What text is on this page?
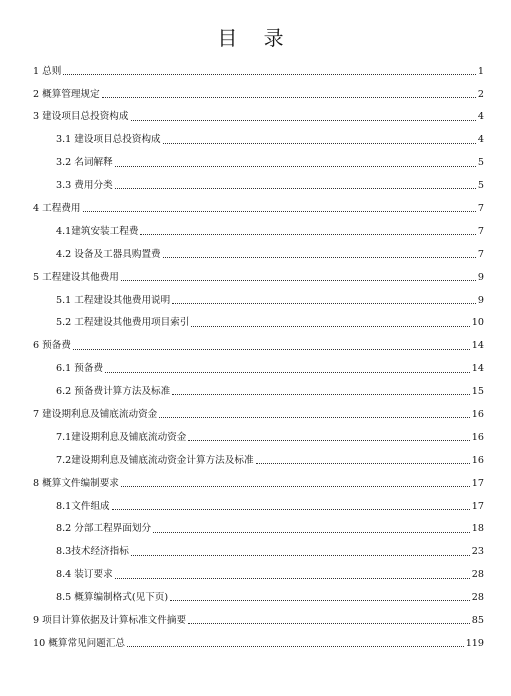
目 录
1 总则	1
2 概算管理规定	2
3 建设项目总投资构成	4
3.1 建设项目总投资构成	4
3.2 名词解释	5
3.3 费用分类	5
4 工程费用	7
4.1建筑安装工程费	7
4.2 设备及工器具购置费	7
5 工程建设其他费用	9
5.1 工程建设其他费用说明	9
5.2 工程建设其他费用项目索引	10
6 预备费	14
6.1 预备费	14
6.2 预备费计算方法及标准	15
7 建设期利息及铺底流动资金	16
7.1建设期利息及铺底流动资金	16
7.2建设期利息及铺底流动资金计算方法及标准	16
8 概算文件编制要求	17
8.1文件组成	17
8.2 分部工程界面划分	18
8.3技术经济指标	23
8.4 装订要求	28
8.5 概算编制格式(见下页)	28
9 项目计算依据及计算标准文件摘要	85
10 概算常见问题汇总	119
